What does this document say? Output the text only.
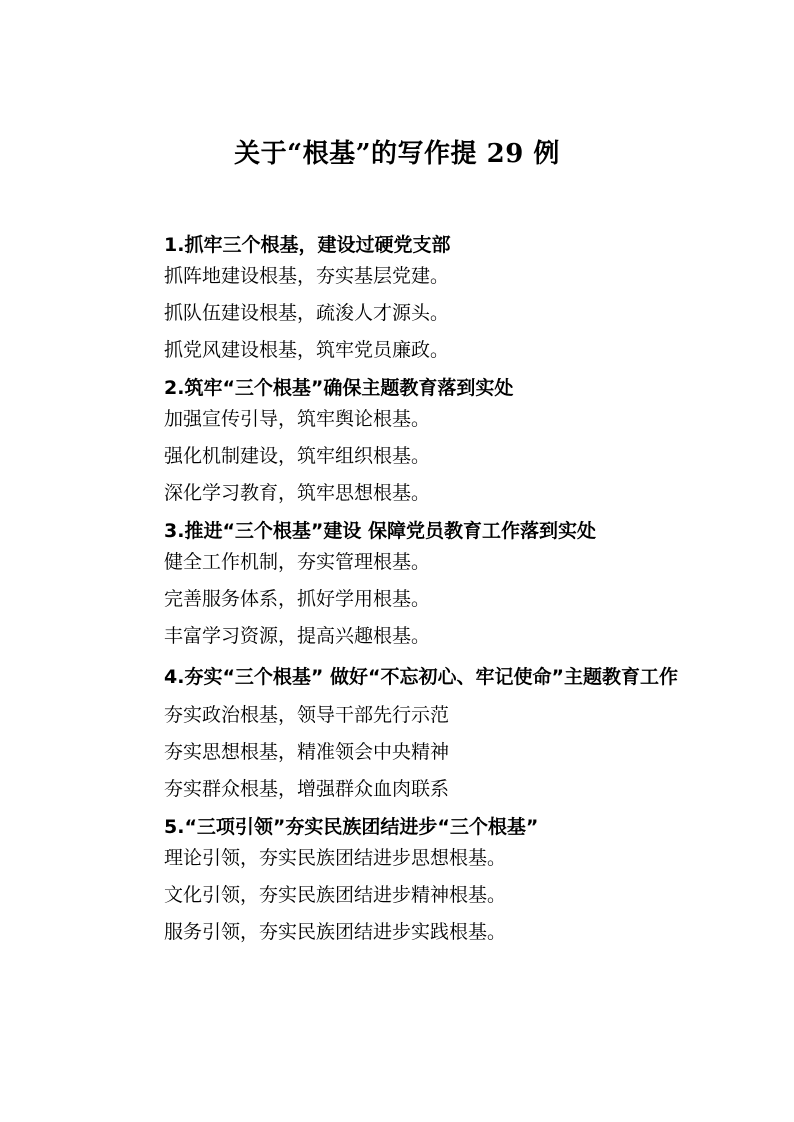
关于“根基”的写作提 29 例
1.抓牢三个根基，建设过硬党支部
抓阵地建设根基，夯实基层党建。
抓队伍建设根基，疏浚人才源头。
抓党风建设根基，筑牢党员廉政。
2.筑牢“三个根基”确保主题教育落到实处
加强宣传引导，筑牢舆论根基。
强化机制建设，筑牢组织根基。
深化学习教育，筑牢思想根基。
3.推进“三个根基”建设 保障党员教育工作落到实处
健全工作机制，夯实管理根基。
完善服务体系，抓好学用根基。
丰富学习资源，提高兴趣根基。
4.夯实“三个根基” 做好“不忘初心、牢记使命”主题教育工作
夯实政治根基，领导干部先行示范
夯实思想根基，精准领会中央精神
夯实群众根基，增强群众血肉联系
5.“三项引领”夯实民族团结进步“三个根基”
理论引领，夯实民族团结进步思想根基。
文化引领，夯实民族团结进步精神根基。
服务引领，夯实民族团结进步实践根基。
